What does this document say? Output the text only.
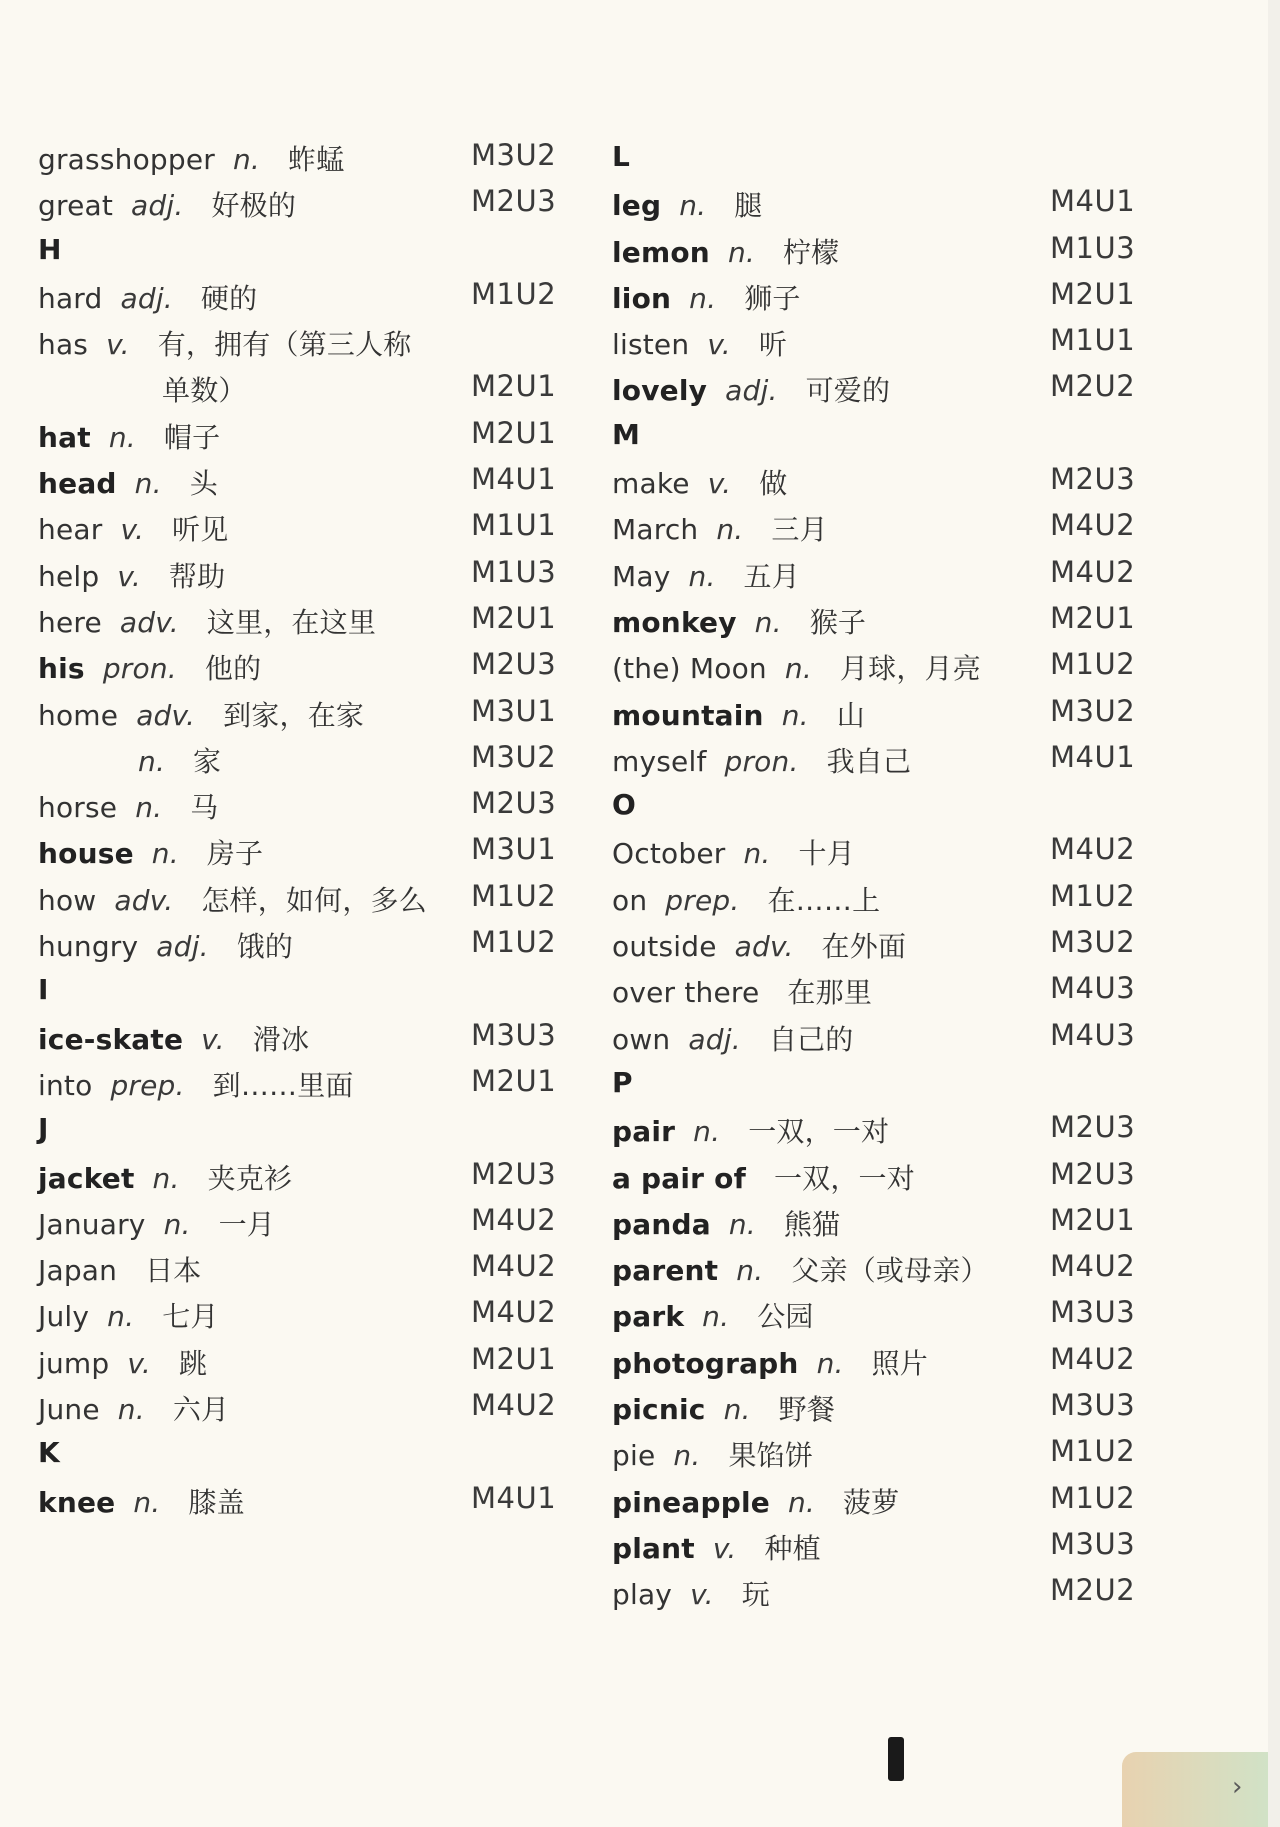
grasshopper n. 蚱蜢	M3U2
great adj. 好极的	M2U3
H
hard adj. 硬的	M1U2
has v. 有，拥有（第三人称
单数）	M2U1
hat n. 帽子	M2U1
head n. 头	M4U1
hear v. 听见	M1U1
help v. 帮助	M1U3
here adv. 这里，在这里	M2U1
his pron. 他的	M2U3
home adv. 到家，在家	M3U1
n. 家	M3U2
horse n. 马	M2U3
house n. 房子	M3U1
how adv. 怎样，如何，多么 M1U2
hungry adj. 饿的	M1U2
I
ice-skate v. 滑冰	M3U3
into prep. 到……里面	M2U1
J
jacket n. 夹克衫	M2U3
January n. 一月	M4U2
Japan 日本	M4U2
July n. 七月	M4U2
jump v. 跳	M2U1
June n. 六月	M4U2
K
knee n. 膝盖	M4U1
L
leg n. 腿	M4U1
lemon n. 柠檬	M1U3
lion n. 狮子	M2U1
listen v. 听	M1U1
lovely adj. 可爱的	M2U2
M
make v. 做	M2U3
March n. 三月	M4U2
May n. 五月	M4U2
monkey n. 猴子	M2U1
(the) Moon n. 月球，月亮 M1U2
mountain n. 山	M3U2
myself pron. 我自己	M4U1
O
October n. 十月	M4U2
on prep. 在……上	M1U2
outside adv. 在外面	M3U2
over there 在那里	M4U3
own adj. 自己的	M4U3
P
pair n. 一双，一对	M2U3
a pair of 一双，一对	M2U3
panda n. 熊猫	M2U1
parent n. 父亲（或母亲） M4U2
park n. 公园	M3U3
photograph n. 照片	M4U2
picnic n. 野餐	M3U3
pie n. 果馅饼	M1U2
pineapple n. 菠萝	M1U2
plant v. 种植	M3U3
play v. 玩	M2U2
›
